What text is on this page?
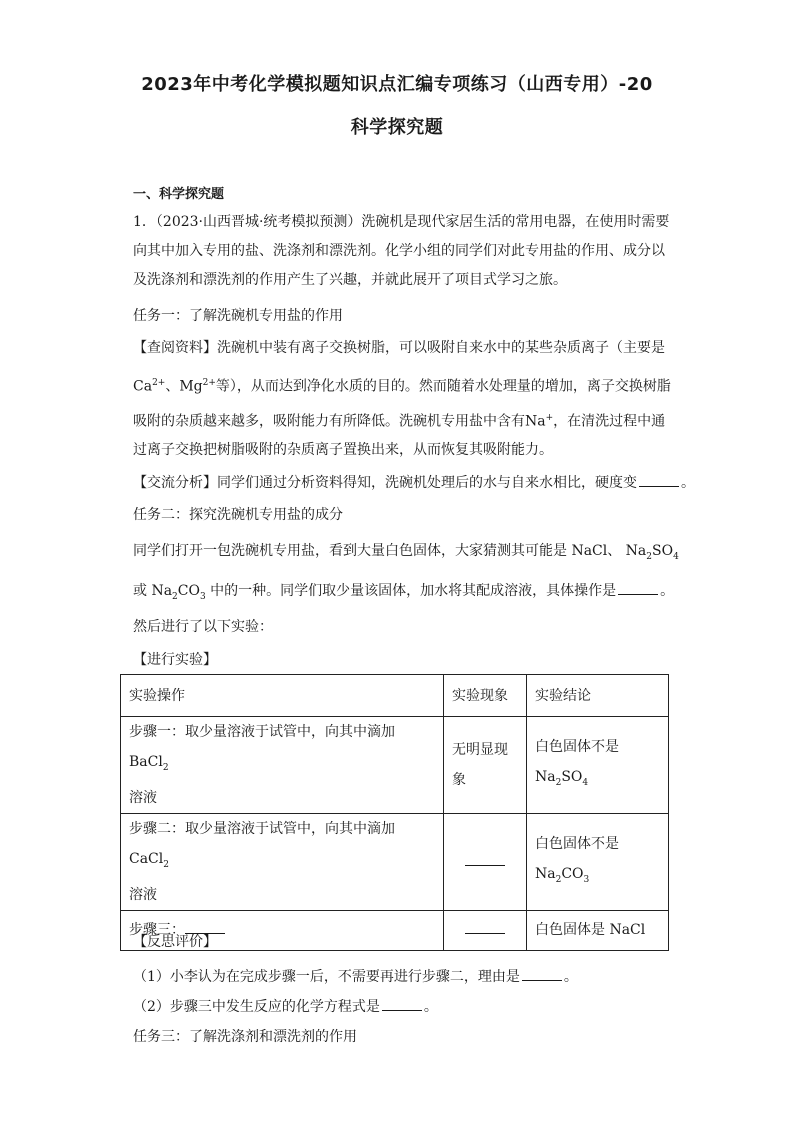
2023年中考化学模拟题知识点汇编专项练习（山西专用）-20
科学探究题
一、科学探究题
1．（2023·山西晋城·统考模拟预测）洗碗机是现代家居生活的常用电器，在使用时需要
向其中加入专用的盐、洗涤剂和漂洗剂。化学小组的同学们对此专用盐的作用、成分以
及洗涤剂和漂洗剂的作用产生了兴趣，并就此展开了项目式学习之旅。
任务一：了解洗碗机专用盐的作用
【查阅资料】洗碗机中装有离子交换树脂，可以吸附自来水中的某些杂质离子（主要是
$Ca^{2+}$、$Mg^{2+}$等），从而达到净化水质的目的。然而随着水处理量的增加，离子交换树脂
吸附的杂质越来越多，吸附能力有所降低。洗碗机专用盐中含有Na+，在清洗过程中通
过离子交换把树脂吸附的杂质离子置换出来，从而恢复其吸附能力。
【交流分析】同学们通过分析资料得知，洗碗机处理后的水与自来水相比，硬度变	。
任务二：探究洗碗机专用盐的成分
同学们打开一包洗碗机专用盐，看到大量白色固体，大家猜测其可能是 NaCl、 $Na_2SO_4$
或 $Na_2CO_3$ 中的一种。同学们取少量该固体，加水将其配成溶液，具体操作是	。
然后进行了以下实验：
【进行实验】
实验操作	实验现象	实验结论
步骤一：取少量溶液于试管中，向其中滴加 BaCl$_2$
溶液	无明显现
象	白色固体不是
$Na_2SO_4$
步骤二：取少量溶液于试管中，向其中滴加 CaCl$_2$
溶液		白色固体不是
$Na_2CO_3$
步骤三：		白色固体是 NaCl
【反思评价】
（1）小李认为在完成步骤一后，不需要再进行步骤二，理由是	。
（2）步骤三中发生反应的化学方程式是	。
任务三：了解洗涤剂和漂洗剂的作用
